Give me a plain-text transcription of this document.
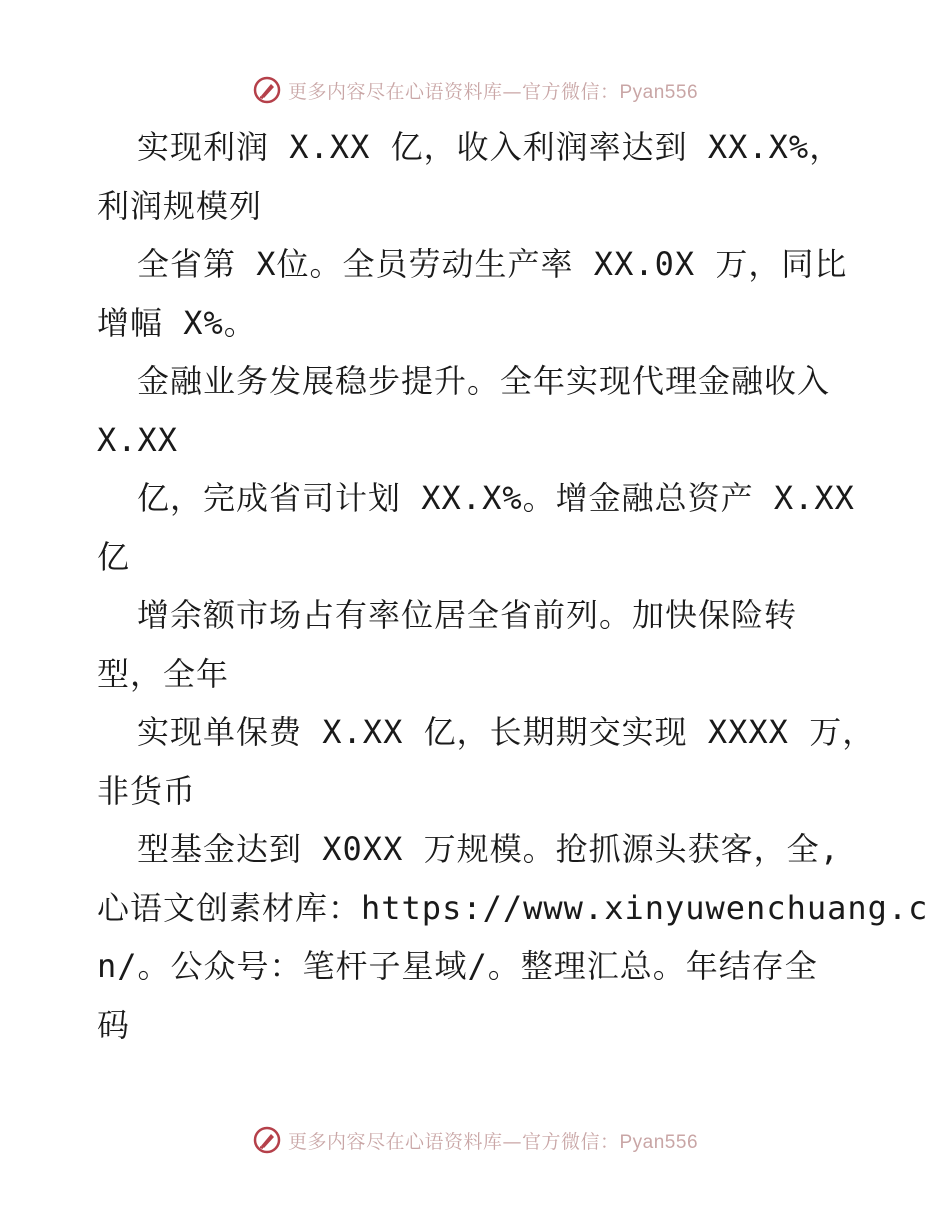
更多内容尽在心语资料库—官方微信：Pyan556
实现利润 X.XX 亿，收入利润率达到 XX.X%，
利润规模列
全省第 X位。全员劳动生产率 XX.0X 万，同比
增幅 X%。
金融业务发展稳步提升。全年实现代理金融收入
X.XX
亿，完成省司计划 XX.X%。增金融总资产 X.XX
亿
增余额市场占有率位居全省前列。加快保险转
型，全年
实现单保费 X.XX 亿，长期期交实现 XXXX 万，
非货币
型基金达到 X0XX 万规模。抢抓源头获客，全,
心语文创素材库：https://www.xinyuwenchuang.c
n/。公众号：笔杆子星域/。整理汇总。年结存全
码
更多内容尽在心语资料库—官方微信：Pyan556
